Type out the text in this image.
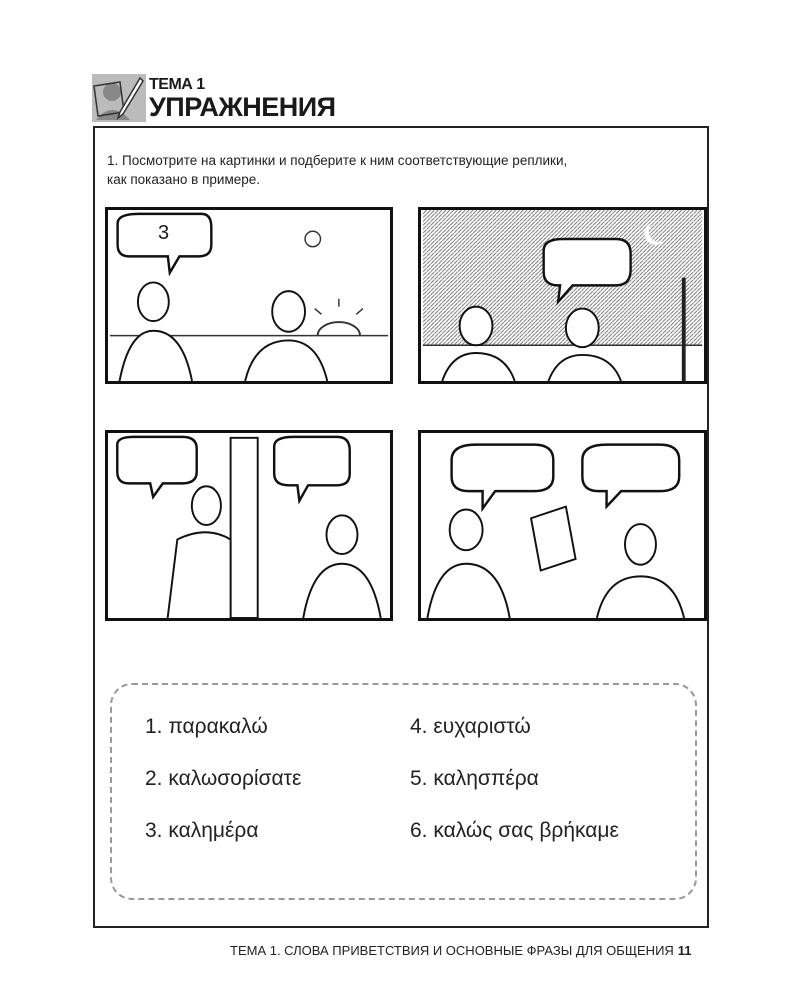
ТЕМА 1
УПРАЖНЕНИЯ
1. Посмотрите на картинки и подберите к ним соответствующие реплики,
как показано в примере.
3
1. παρακαλώ	4. ευχαριστώ
2. καλωσορίσατε	5. καλησπέρα
3. καλημέρα	6. καλώς σας βρήκαμε
ТЕМА 1. СЛОВА ПРИВЕТСТВИЯ И ОСНОВНЫЕ ФРАЗЫ ДЛЯ ОБЩЕНИЯ 11
